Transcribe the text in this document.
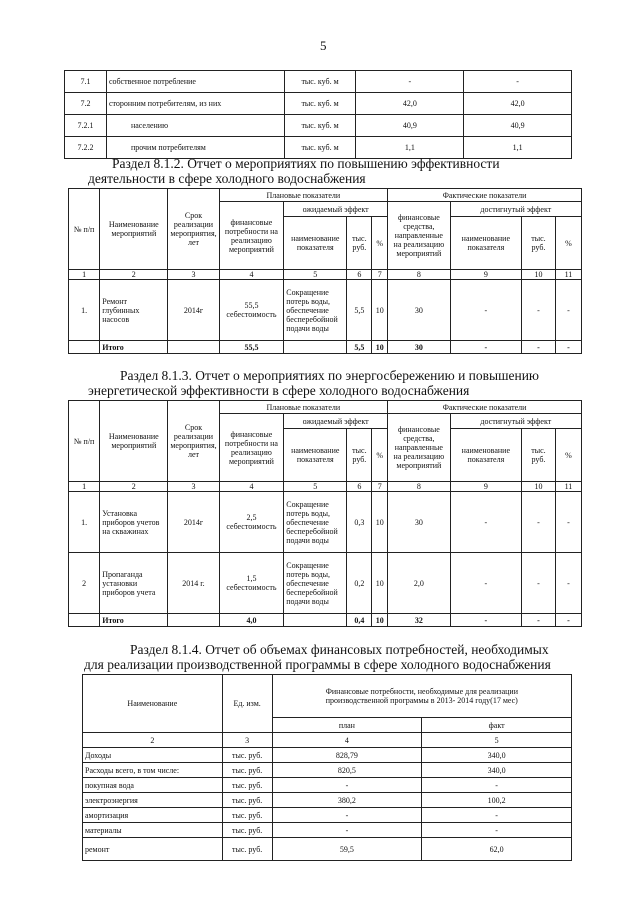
5
7.1	собственное потребление	тыс. куб. м	-	-
7.2	сторонним потребителям, из них	тыс. куб. м	42,0	42,0
7.2.1	населению	тыс. куб. м	40,9	40,9
7.2.2	прочим потребителям	тыс. куб. м	1,1	1,1
Раздел 8.1.2. Отчет о мероприятиях по повышению эффективности
деятельности в сфере холодного водоснабжения
№ п/п	Наименование мероприятий	Срок реализации мероприятия, лет	Плановые показатели				Фактические показатели			
			финансовые потребности на реализацию мероприятий	ожидаемый эффект			финансовые средства, направленные на реализацию мероприятий	достигнутый эффект		
				наименование показателя	тыс. руб.	%		наименование показателя	тыс. руб.	%
1	2	3	4	5	6	7	8	9	10	11
1.	Ремонт глубинных насосов	2014г	55,5 себестоимость	Сокращение потерь воды, обеспечение бесперебойной подачи воды	5,5	10	30	-	-	-
	Итого		55,5		5,5	10	30	-	-	-
Раздел 8.1.3. Отчет о мероприятиях по энергосбережению и повышению
энергетической эффективности в сфере холодного водоснабжения
№ п/п	Наименование мероприятий	Срок реализации мероприятия, лет	Плановые показатели				Фактические показатели			
			финансовые потребности на реализацию мероприятий	ожидаемый эффект			финансовые средства, направленные на реализацию мероприятий	достигнутый эффект		
				наименование показателя	тыс. руб.	%		наименование показателя	тыс. руб.	%
1	2	3	4	5	6	7	8	9	10	11
1.	Установка приборов учетов на скважинах	2014г	2,5 себестоимость	Сокращение потерь воды, обеспечение бесперебойной подачи воды	0,3	10	30	-	-	-
2	Пропаганда установки приборов учета	2014 г.	1,5 себестоимость	Сокращение потерь воды, обеспечение бесперебойной подачи воды	0,2	10	2,0	-	-	-
	Итого		4,0		0,4	10	32	-	-	-
Раздел 8.1.4. Отчет об объемах финансовых потребностей, необходимых
для реализации производственной программы в сфере холодного водоснабжения
Наименование	Ед. изм.	Финансовые потребности, необходимые для реализации производственной программы в 2013- 2014 году(17 мес)	
		план	факт
2	3	4	5
Доходы	тыс. руб.	828,79	340,0
Расходы всего, в том числе:	тыс. руб.	820,5	340,0
покупная вода	тыс. руб.	-	-
электроэнергия	тыс. руб.	380,2	100,2
амортизация	тыс. руб.	-	-
материалы	тыс. руб.	-	-
ремонт	тыс. руб.	59,5	62,0
